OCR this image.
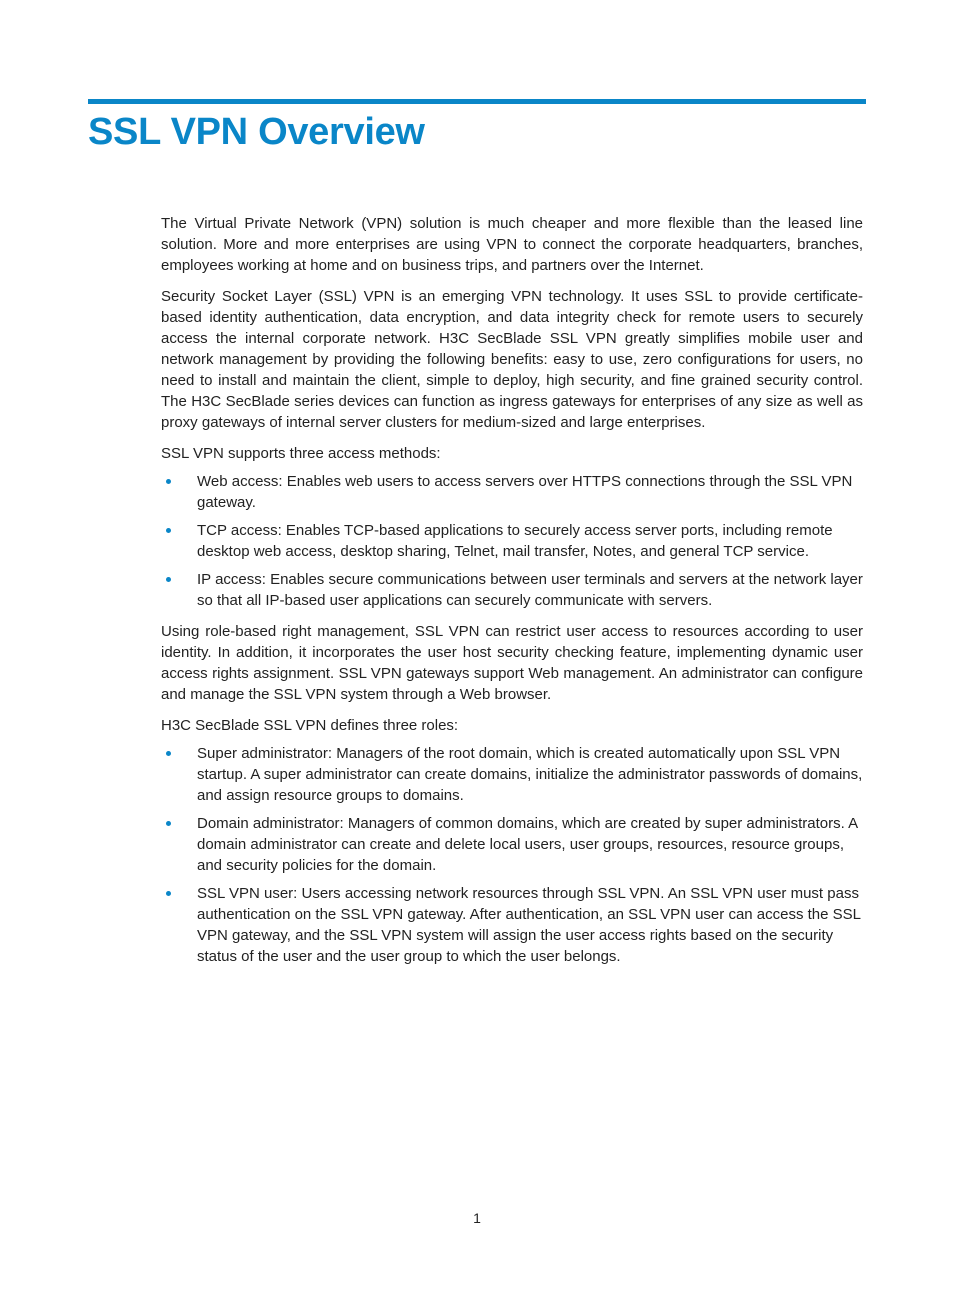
SSL VPN Overview

The Virtual Private Network (VPN) solution is much cheaper and more flexible than the leased line solution. More and more enterprises are using VPN to connect the corporate headquarters, branches, employees working at home and on business trips, and partners over the Internet.

Security Socket Layer (SSL) VPN is an emerging VPN technology. It uses SSL to provide certificate-based identity authentication, data encryption, and data integrity check for remote users to securely access the internal corporate network. H3C SecBlade SSL VPN greatly simplifies mobile user and network management by providing the following benefits: easy to use, zero configurations for users, no need to install and maintain the client, simple to deploy, high security, and fine grained security control. The H3C SecBlade series devices can function as ingress gateways for enterprises of any size as well as proxy gateways of internal server clusters for medium-sized and large enterprises.

SSL VPN supports three access methods:

Web access: Enables web users to access servers over HTTPS connections through the SSL VPN gateway.
TCP access: Enables TCP-based applications to securely access server ports, including remote desktop web access, desktop sharing, Telnet, mail transfer, Notes, and general TCP service.
IP access: Enables secure communications between user terminals and servers at the network layer so that all IP-based user applications can securely communicate with servers.

Using role-based right management, SSL VPN can restrict user access to resources according to user identity. In addition, it incorporates the user host security checking feature, implementing dynamic user access rights assignment. SSL VPN gateways support Web management. An administrator can configure and manage the SSL VPN system through a Web browser.

H3C SecBlade SSL VPN defines three roles:

Super administrator: Managers of the root domain, which is created automatically upon SSL VPN startup. A super administrator can create domains, initialize the administrator passwords of domains, and assign resource groups to domains.
Domain administrator: Managers of common domains, which are created by super administrators. A domain administrator can create and delete local users, user groups, resources, resource groups, and security policies for the domain.
SSL VPN user: Users accessing network resources through SSL VPN. An SSL VPN user must pass authentication on the SSL VPN gateway. After authentication, an SSL VPN user can access the SSL VPN gateway, and the SSL VPN system will assign the user access rights based on the security status of the user and the user group to which the user belongs.
1
